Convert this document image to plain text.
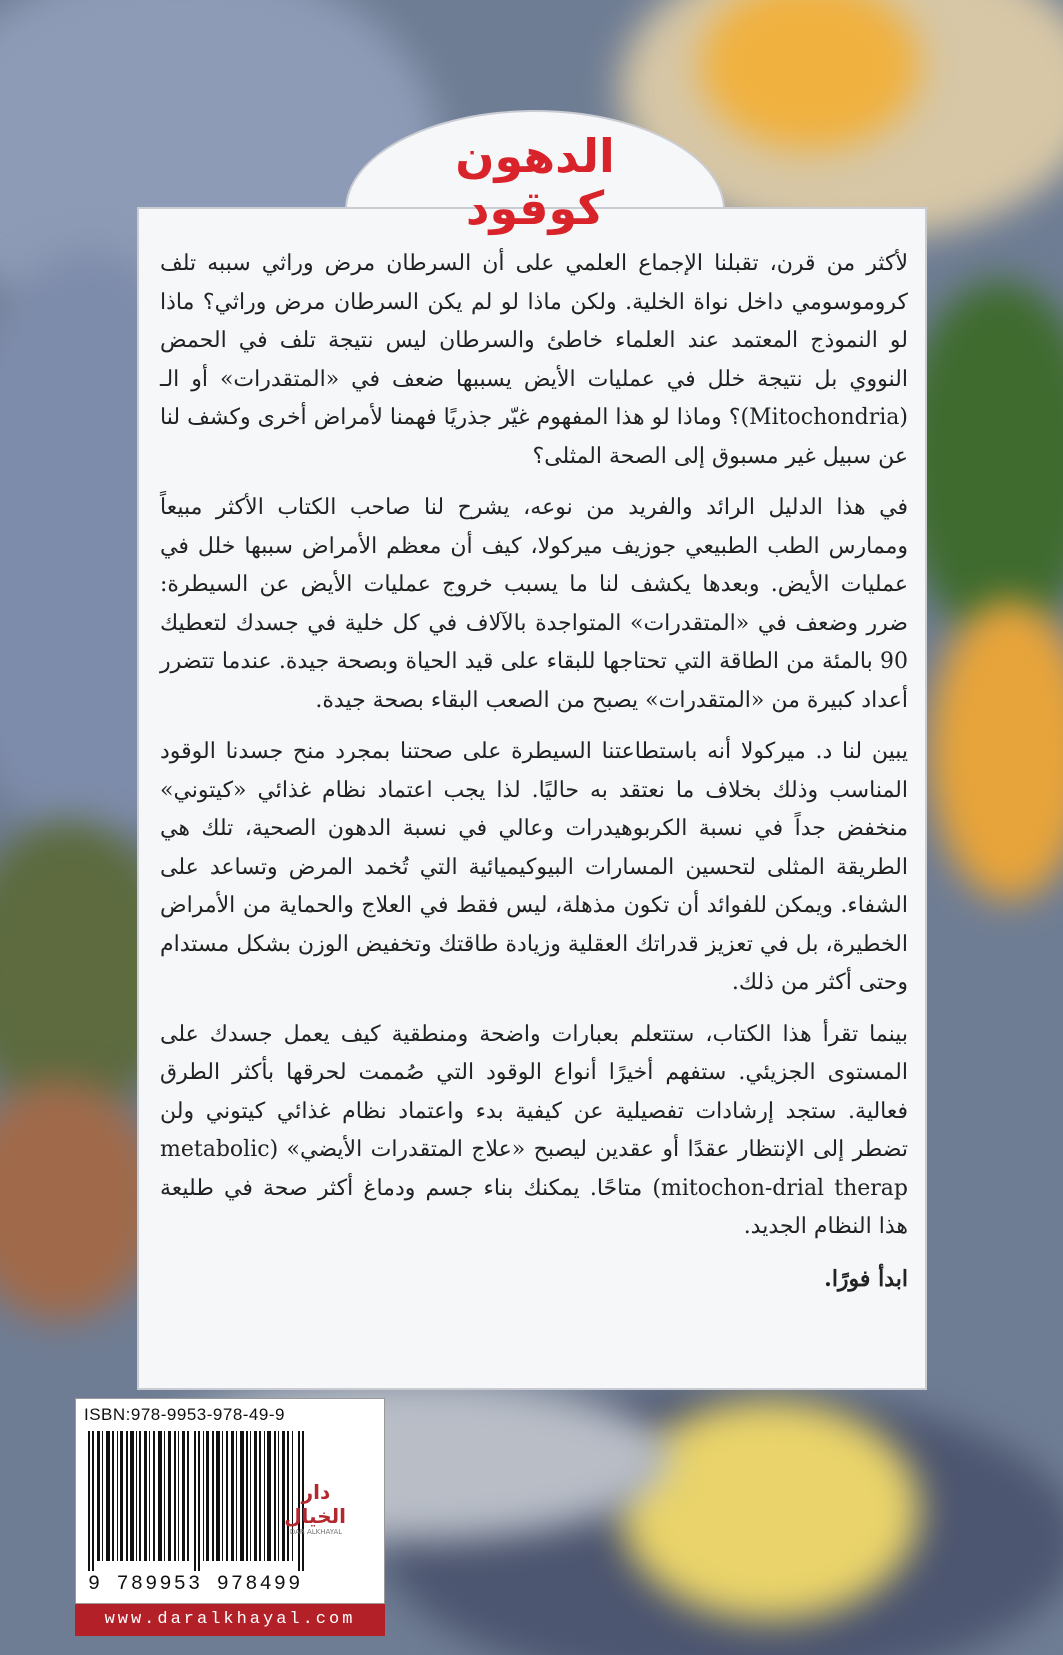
الدهون
كوقود

لأكثر من قرن، تقبلنا الإجماع العلمي على أن السرطان مرض وراثي سببه تلف كروموسومي داخل نواة الخلية. ولكن ماذا لو لم يكن السرطان مرض وراثي؟ ماذا لو النموذج المعتمد عند العلماء خاطئ والسرطان ليس نتيجة تلف في الحمض النووي بل نتيجة خلل في عمليات الأيض يسببها ضعف في «المتقدرات» أو الـ (Mitochondria)؟ وماذا لو هذا المفهوم غيّر جذريًا فهمنا لأمراض أخرى وكشف لنا عن سبيل غير مسبوق إلى الصحة المثلى؟

في هذا الدليل الرائد والفريد من نوعه، يشرح لنا صاحب الكتاب الأكثر مبيعاً وممارس الطب الطبيعي جوزيف ميركولا، كيف أن معظم الأمراض سببها خلل في عمليات الأيض. وبعدها يكشف لنا ما يسبب خروج عمليات الأيض عن السيطرة: ضرر وضعف في «المتقدرات» المتواجدة بالآلاف في كل خلية في جسدك لتعطيك 90 بالمئة من الطاقة التي تحتاجها للبقاء على قيد الحياة وبصحة جيدة. عندما تتضرر أعداد كبيرة من «المتقدرات» يصبح من الصعب البقاء بصحة جيدة.

يبين لنا د. ميركولا أنه باستطاعتنا السيطرة على صحتنا بمجرد منح جسدنا الوقود المناسب وذلك بخلاف ما نعتقد به حاليًا. لذا يجب اعتماد نظام غذائي «كيتوني» منخفض جداً في نسبة الكربوهيدرات وعالي في نسبة الدهون الصحية، تلك هي الطريقة المثلى لتحسين المسارات البيوكيميائية التي تُخمد المرض وتساعد على الشفاء. ويمكن للفوائد أن تكون مذهلة، ليس فقط في العلاج والحماية من الأمراض الخطيرة، بل في تعزيز قدراتك العقلية وزيادة طاقتك وتخفيض الوزن بشكل مستدام وحتى أكثر من ذلك.

بينما تقرأ هذا الكتاب، ستتعلم بعبارات واضحة ومنطقية كيف يعمل جسدك على المستوى الجزيئي. ستفهم أخيرًا أنواع الوقود التي صُممت لحرقها بأكثر الطرق فعالية. ستجد إرشادات تفصيلية عن كيفية بدء واعتماد نظام غذائي كيتوني ولن تضطر إلى الإنتظار عقدًا أو عقدين ليصبح «علاج المتقدرات الأيضي» (metabolic mitochon-drial therap) متاحًا. يمكنك بناء جسم ودماغ أكثر صحة في طليعة هذا النظام الجديد.

ابدأ فورًا.

ISBN:978-9953-978-49-9
9 789953 978499
دار الخيال
DAR ALKHAYAL
www.daralkhayal.com
